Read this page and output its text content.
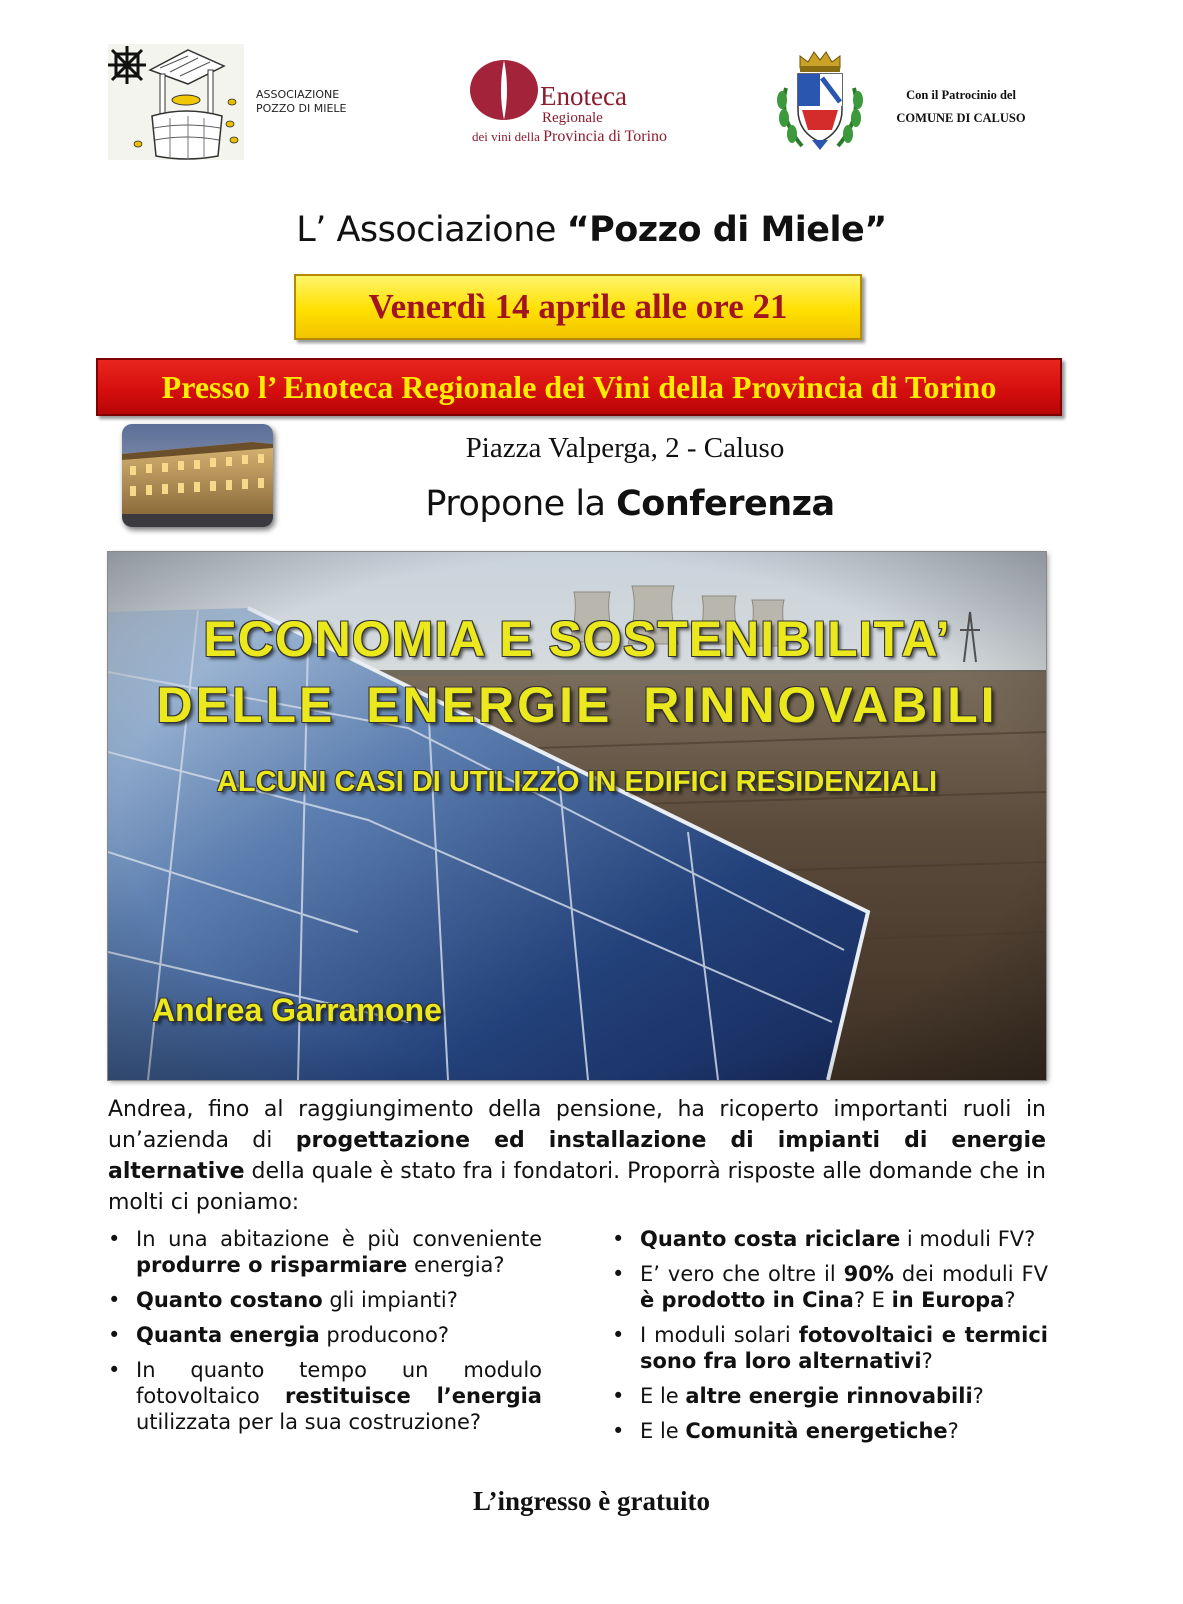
ASSOCIAZIONE
POZZO DI MIELE	Enoteca
Regionale
dei vini della Provincia di Torino
Con il Patrocinio del
COMUNE DI CALUSO
L’ Associazione “Pozzo di Miele”
Venerdì 14 aprile alle ore 21
Presso l’ Enoteca Regionale dei Vini della Provincia di Torino
Piazza Valperga, 2 - Caluso
Propone la Conferenza
ECONOMIA E SOSTENIBILITA’
DELLE ENERGIE RINNOVABILI
ALCUNI CASI DI UTILIZZO IN EDIFICI RESIDENZIALI
Andrea Garramone
Andrea, fino al raggiungimento della pensione, ha ricoperto importanti ruoli in un’azienda di progettazione ed installazione di impianti di energie alternative della quale è stato fra i fondatori. Proporrà risposte alle domande che in molti ci poniamo:
• In una abitazione è più conveniente produrre o risparmiare energia?
• Quanto costano gli impianti?
• Quanta energia producono?
• In quanto tempo un modulo fotovoltaico restituisce l’energia utilizzata per la sua costruzione?
• Quanto costa riciclare i moduli FV?
• E’ vero che oltre il 90% dei moduli FV è prodotto in Cina? E in Europa?
• I moduli solari fotovoltaici e termici sono fra loro alternativi?
• E le altre energie rinnovabili?
• E le Comunità energetiche?
L’ingresso è gratuito
